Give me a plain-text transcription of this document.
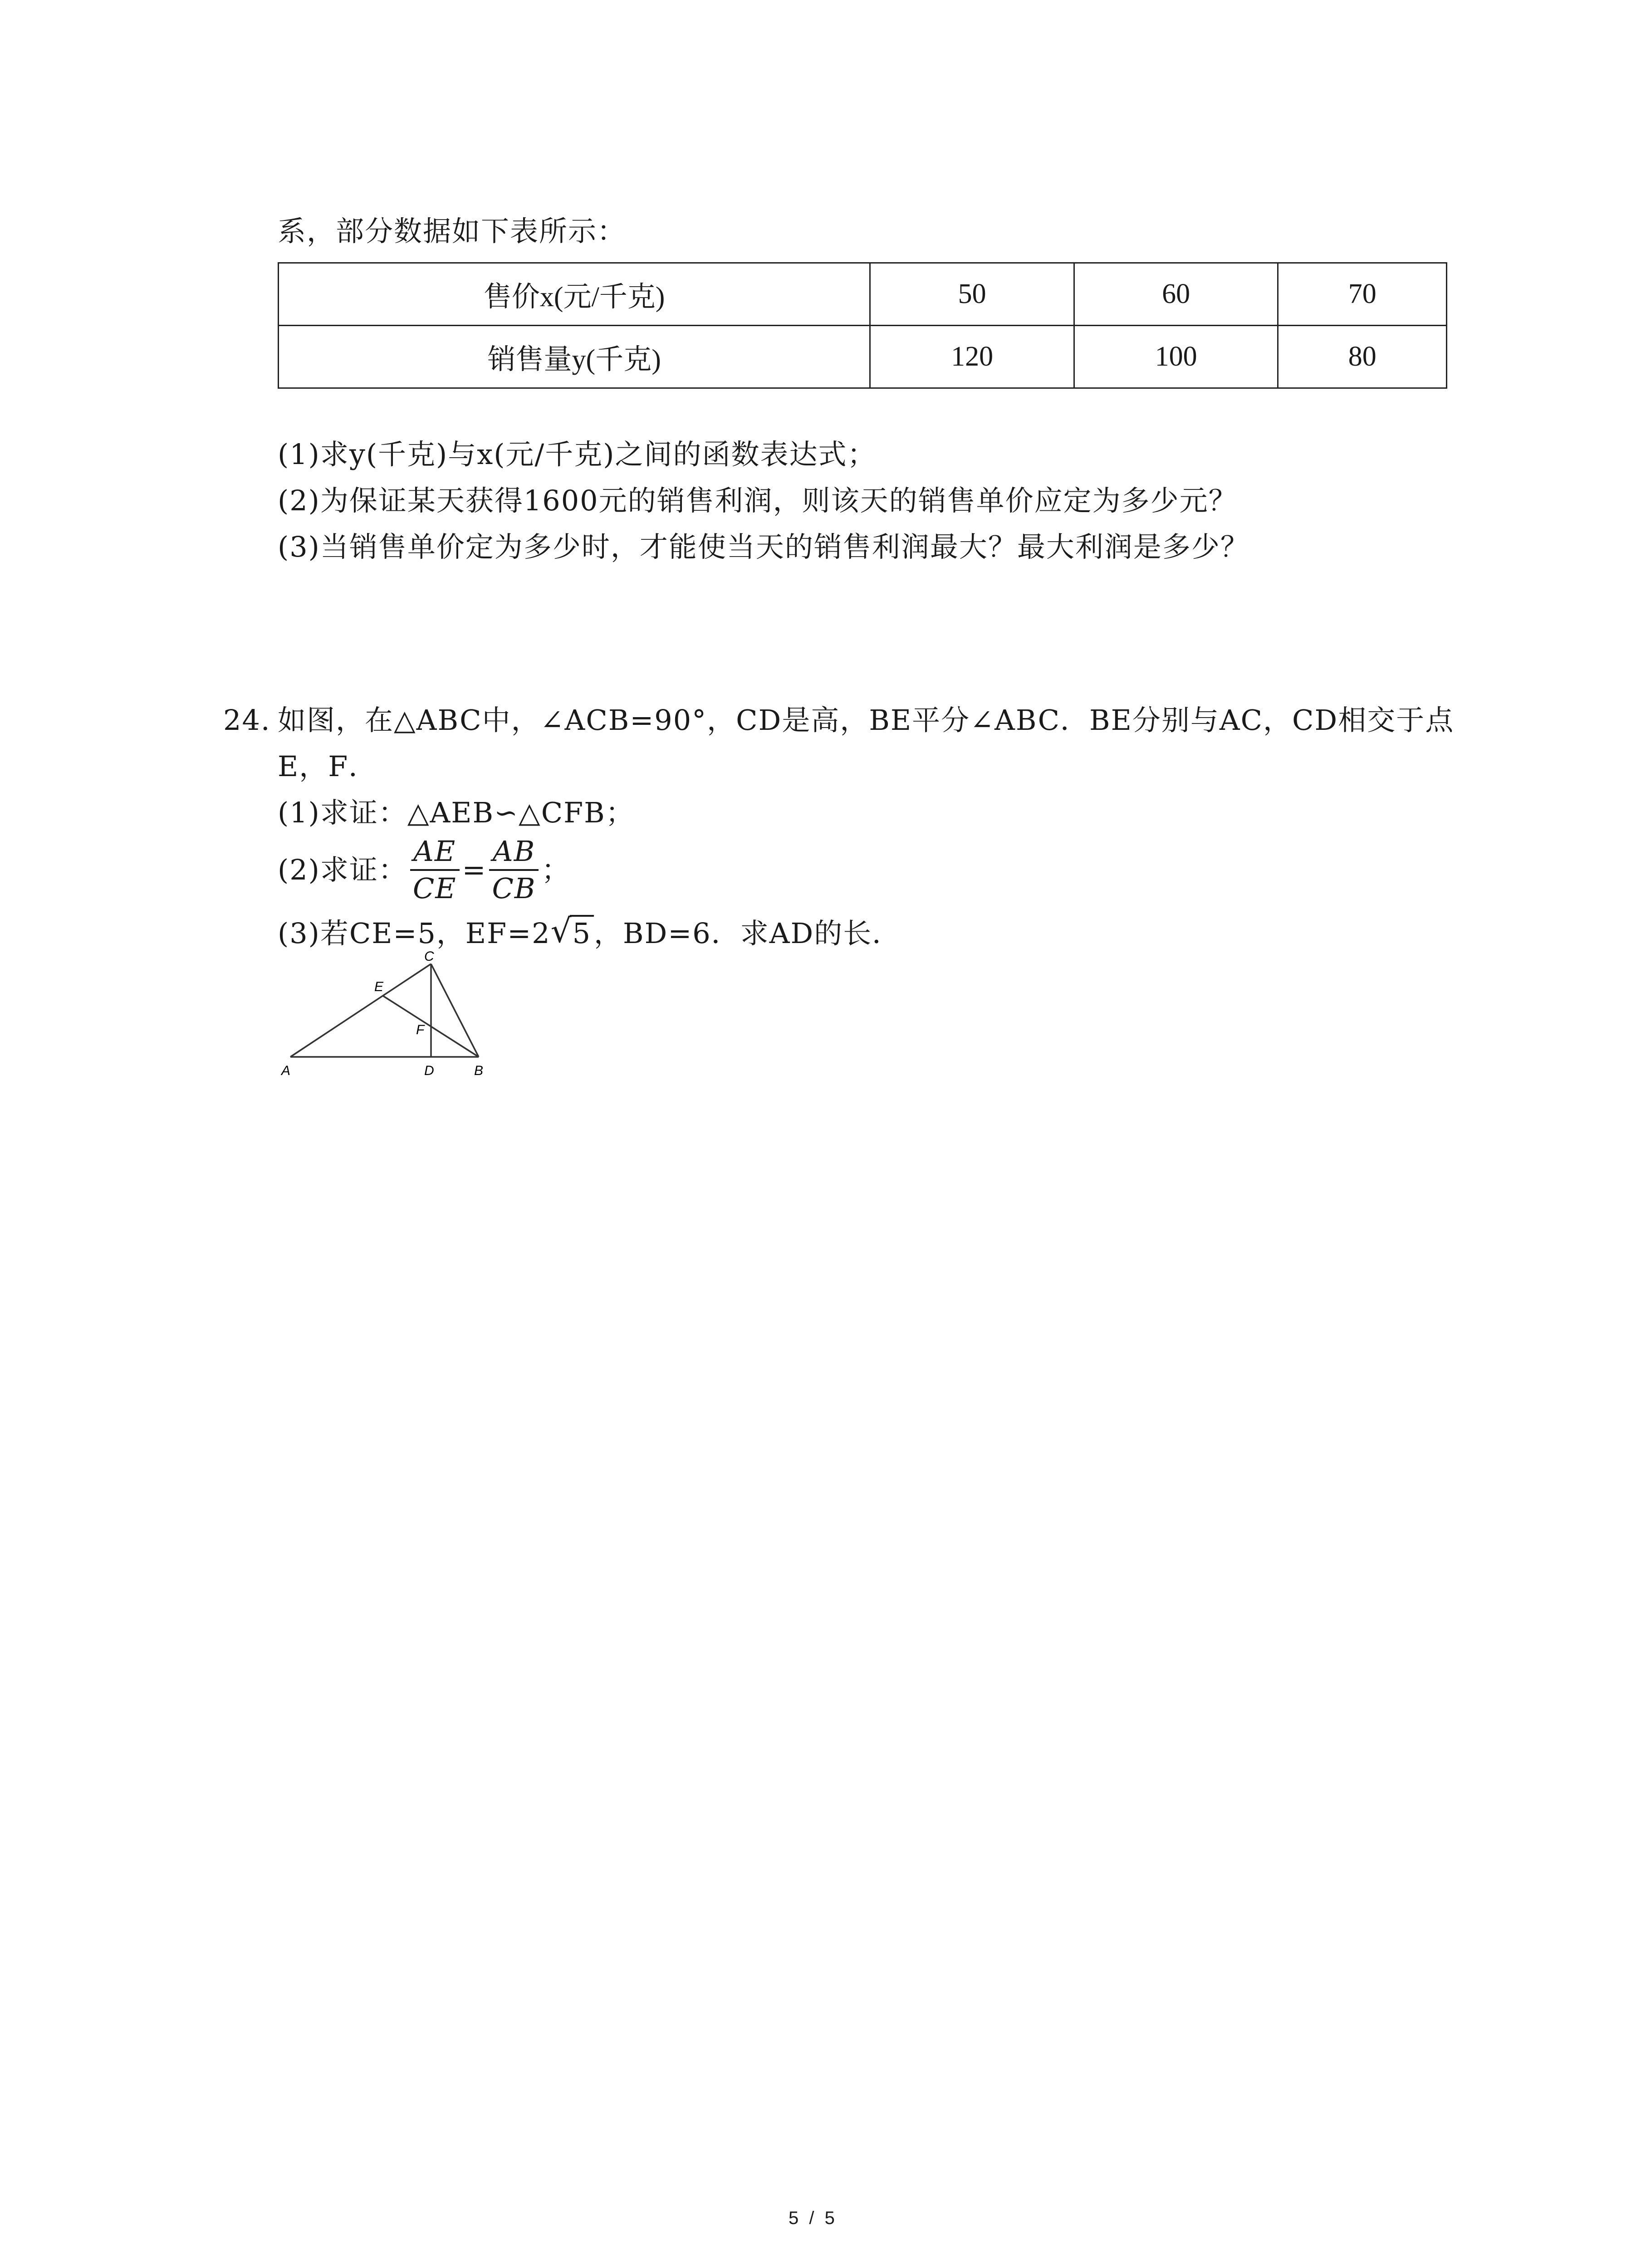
系，部分数据如下表所示：
售价x(元/千克)	50	60	70
销售量y(千克)	120	100	80
(1)求y(千克)与x(元/千克)之间的函数表达式；
(2)为保证某天获得1600元的销售利润，则该天的销售单价应定为多少元？
(3)当销售单价定为多少时，才能使当天的销售利润最大？最大利润是多少？
24. 如图，在△ABC中，∠ACB=90°，CD是高，BE平分∠ABC．BE分别与AC，CD相交于点
E，F．
(1)求证：△AEB∽△CFB；
(2)求证： $\frac{AE}{CE} = \frac{AB}{CB}$ ；
(3)若CE=5，EF=2 √ 5，BD=6．求AD的长．
A	D	B
C
E
F
5 / 5
